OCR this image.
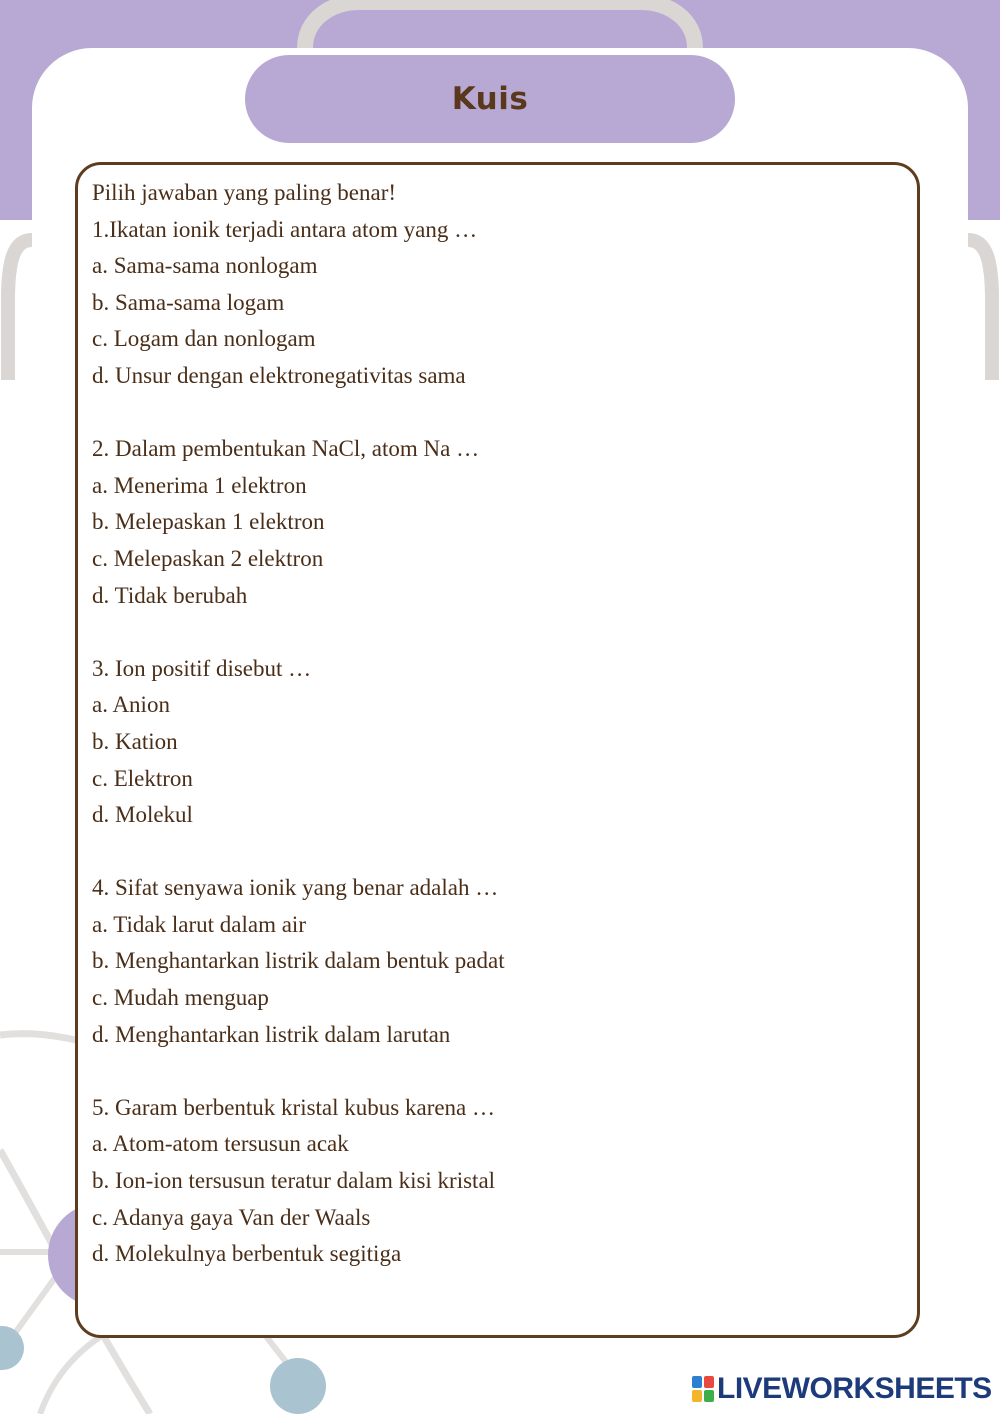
Kuis
Pilih jawaban yang paling benar!
1.Ikatan ionik terjadi antara atom yang …
a. Sama-sama nonlogam
b. Sama-sama logam
c. Logam dan nonlogam
d. Unsur dengan elektronegativitas sama
2. Dalam pembentukan NaCl, atom Na …
a. Menerima 1 elektron
b. Melepaskan 1 elektron
c. Melepaskan 2 elektron
d. Tidak berubah
3. Ion positif disebut …
a. Anion
b. Kation
c. Elektron
d. Molekul
4. Sifat senyawa ionik yang benar adalah …
a. Tidak larut dalam air
b. Menghantarkan listrik dalam bentuk padat
c. Mudah menguap
d. Menghantarkan listrik dalam larutan
5. Garam berbentuk kristal kubus karena …
a. Atom-atom tersusun acak
b. Ion-ion tersusun teratur dalam kisi kristal
c. Adanya gaya Van der Waals
d. Molekulnya berbentuk segitiga
LIVEWORKSHEETS
